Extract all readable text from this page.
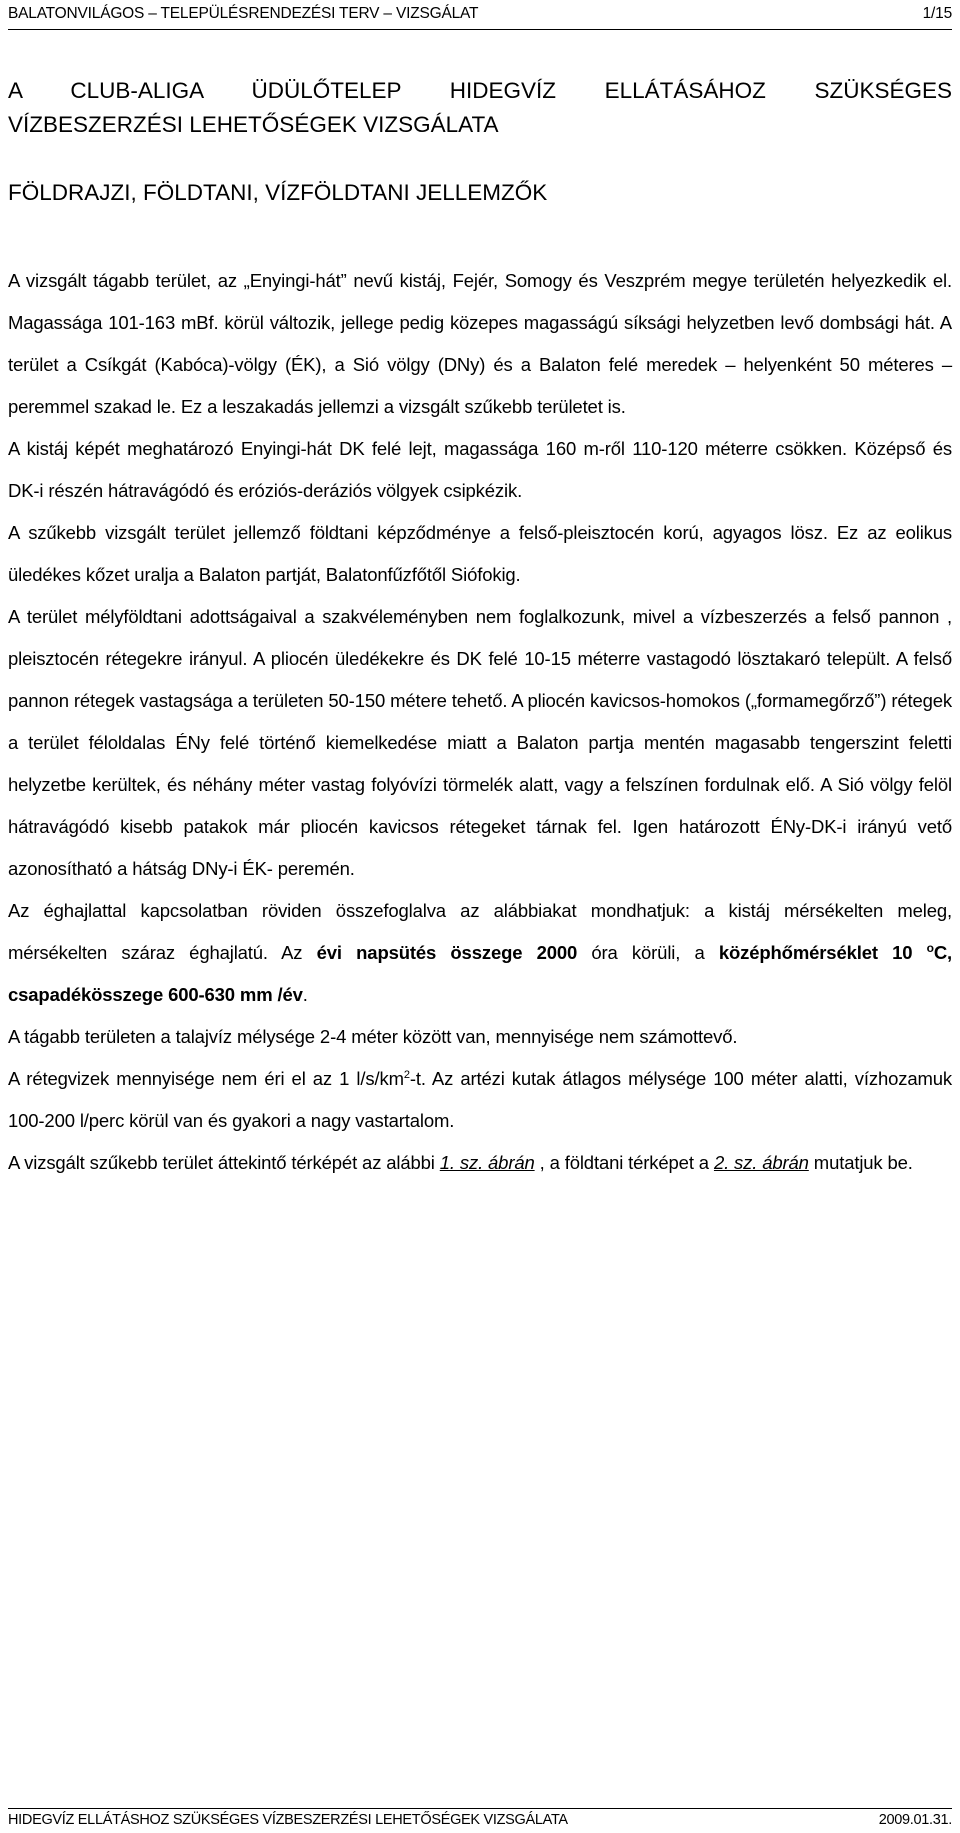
BALATONVILÁGOS – TELEPÜLÉSRENDEZÉSI TERV – VIZSGÁLAT	1/15
A CLUB-ALIGA ÜDÜLŐTELEP HIDEGVÍZ ELLÁTÁSÁHOZ SZÜKSÉGES
VÍZBESZERZÉSI LEHETŐSÉGEK VIZSGÁLATA
FÖLDRAJZI, FÖLDTANI, VÍZFÖLDTANI JELLEMZŐK

A vizsgált tágabb terület, az „Enyingi-hát” nevű kistáj, Fejér, Somogy és Veszprém megye területén helyezkedik el. Magassága 101-163 mBf. körül változik, jellege pedig közepes magasságú síksági helyzetben levő dombsági hát. A terület a Csíkgát (Kabóca)-völgy (ÉK), a Sió völgy (DNy) és a Balaton felé meredek – helyenként 50 méteres – peremmel szakad le. Ez a leszakadás jellemzi a vizsgált szűkebb területet is.

A kistáj képét meghatározó Enyingi-hát DK felé lejt, magassága 160 m-ről 110-120 méterre csökken. Középső és DK-i részén hátravágódó és eróziós-deráziós völgyek csipkézik.

A szűkebb vizsgált terület jellemző földtani képződménye a felső-pleisztocén korú, agyagos lösz. Ez az eolikus üledékes kőzet uralja a Balaton partját, Balatonfűzfőtől Siófokig.

A terület mélyföldtani adottságaival a szakvéleményben nem foglalkozunk, mivel a vízbeszerzés a felső pannon , pleisztocén rétegekre irányul. A pliocén üledékekre és DK felé 10-15 méterre vastagodó lösztakaró települt. A felső pannon rétegek vastagsága a területen 50-150 métere tehető. A pliocén kavicsos-homokos („formamegőrző”) rétegek a terület féloldalas ÉNy felé történő kiemelkedése miatt a Balaton partja mentén magasabb tengerszint feletti helyzetbe kerültek, és néhány méter vastag folyóvízi törmelék alatt, vagy a felszínen fordulnak elő. A Sió völgy felöl hátravágódó kisebb patakok már pliocén kavicsos rétegeket tárnak fel. Igen határozott ÉNy-DK-i irányú vető azonosítható a hátság DNy-i ÉK- peremén.

Az éghajlattal kapcsolatban röviden összefoglalva az alábbiakat mondhatjuk: a kistáj mérsékelten meleg, mérsékelten száraz éghajlatú. Az évi napsütés összege 2000 óra körüli, a középhőmérséklet 10 $_o$C, csapadékösszege 600-630 mm /év.

A tágabb területen a talajvíz mélysége 2-4 méter között van, mennyisége nem számottevő.

A rétegvizek mennyisége nem éri el az 1 $l/s/km^2-t$. Az artézi kutak átlagos mélysége 100 méter alatti, vízhozamuk 100-200 l/perc körül van és gyakori a nagy vastartalom.

A vizsgált szűkebb terület áttekintő térképét az alábbi 1. sz. ábrán , a földtani térképet a 2. sz. ábrán mutatjuk be.

HIDEGVÍZ ELLÁTÁSHOZ SZÜKSÉGES VÍZBESZERZÉSI LEHETŐSÉGEK VIZSGÁLATA	2009.01.31.
